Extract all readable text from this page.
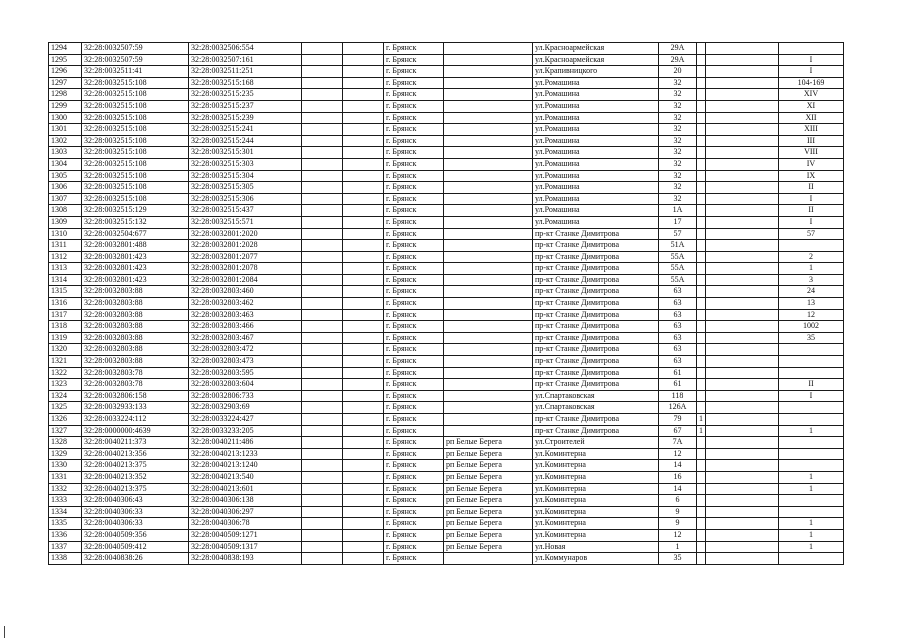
1294	32:28:0032507:59	32:28:0032506:554			г. Брянск		ул.Красноармейская	29А			
1295	32:28:0032507:59	32:28:0032507:161			г. Брянск		ул.Красноармейская	29А			I
1296	32:28:0032511:41	32:28:0032511:251			г. Брянск		ул.Крапивницкого	20			I
1297	32:28:0032515:108	32:28:0032515:168			г. Брянск		ул.Ромашина	32			104-169
1298	32:28:0032515:108	32:28:0032515:235			г. Брянск		ул.Ромашина	32			XIV
1299	32:28:0032515:108	32:28:0032515:237			г. Брянск		ул.Ромашина	32			XI
1300	32:28:0032515:108	32:28:0032515:239			г. Брянск		ул.Ромашина	32			XII
1301	32:28:0032515:108	32:28:0032515:241			г. Брянск		ул.Ромашина	32			XIII
1302	32:28:0032515:108	32:28:0032515:244			г. Брянск		ул.Ромашина	32			III
1303	32:28:0032515:108	32:28:0032515:301			г. Брянск		ул.Ромашина	32			VIII
1304	32:28:0032515:108	32:28:0032515:303			г. Брянск		ул.Ромашина	32			IV
1305	32:28:0032515:108	32:28:0032515:304			г. Брянск		ул.Ромашина	32			IX
1306	32:28:0032515:108	32:28:0032515:305			г. Брянск		ул.Ромашина	32			II
1307	32:28:0032515:108	32:28:0032515:306			г. Брянск		ул.Ромашина	32			I
1308	32:28:0032515:129	32:28:0032515:437			г. Брянск		ул.Ромашина	1А			II
1309	32:28:0032515:132	32:28:0032515:571			г. Брянск		ул.Ромашина	17			I
1310	32:28:0032504:677	32:28:0032801:2020			г. Брянск		пр-кт Станке Димитрова	57			57
1311	32:28:0032801:488	32:28:0032801:2028			г. Брянск		пр-кт Станке Димитрова	51А			
1312	32:28:0032801:423	32:28:0032801:2077			г. Брянск		пр-кт Станке Димитрова	55А			2
1313	32:28:0032801:423	32:28:0032801:2078			г. Брянск		пр-кт Станке Димитрова	55А			1
1314	32:28:0032801:423	32:28:0032801:2084			г. Брянск		пр-кт Станке Димитрова	55А			3
1315	32:28:0032803:88	32:28:0032803:460			г. Брянск		пр-кт Станке Димитрова	63			24
1316	32:28:0032803:88	32:28:0032803:462			г. Брянск		пр-кт Станке Димитрова	63			13
1317	32:28:0032803:88	32:28:0032803:463			г. Брянск		пр-кт Станке Димитрова	63			12
1318	32:28:0032803:88	32:28:0032803:466			г. Брянск		пр-кт Станке Димитрова	63			1002
1319	32:28:0032803:88	32:28:0032803:467			г. Брянск		пр-кт Станке Димитрова	63			35
1320	32:28:0032803:88	32:28:0032803:472			г. Брянск		пр-кт Станке Димитрова	63			
1321	32:28:0032803:88	32:28:0032803:473			г. Брянск		пр-кт Станке Димитрова	63			
1322	32:28:0032803:78	32:28:0032803:595			г. Брянск		пр-кт Станке Димитрова	61			
1323	32:28:0032803:78	32:28:0032803:604			г. Брянск		пр-кт Станке Димитрова	61			II
1324	32:28:0032806:158	32:28:0032806:733			г. Брянск		ул.Спартаковская	118			I
1325	32:28:0032933:133	32:28:0032903:69			г. Брянск		ул.Спартаковская	126А			
1326	32:28:0033224:112	32:28:0033224:427			г. Брянск		пр-кт Станке Димитрова	79	1		
1327	32:28:0000000:4639	32:28:0033233:205			г. Брянск		пр-кт Станке Димитрова	67	1		1
1328	32:28:0040211:373	32:28:0040211:486			г. Брянск	рп Белые Берега	ул.Строителей	7А			
1329	32:28:0040213:356	32:28:0040213:1233			г. Брянск	рп Белые Берега	ул.Коминтерна	12			
1330	32:28:0040213:375	32:28:0040213:1240			г. Брянск	рп Белые Берега	ул.Коминтерна	14			
1331	32:28:0040213:352	32:28:0040213:540			г. Брянск	рп Белые Берега	ул.Коминтерна	16			1
1332	32:28:0040213:375	32:28:0040213:601			г. Брянск	рп Белые Берега	ул.Коминтерна	14			1
1333	32:28:0040306:43	32:28:0040306:138			г. Брянск	рп Белые Берега	ул.Коминтерна	6			
1334	32:28:0040306:33	32:28:0040306:297			г. Брянск	рп Белые Берега	ул.Коминтерна	9			
1335	32:28:0040306:33	32:28:0040306:78			г. Брянск	рп Белые Берега	ул.Коминтерна	9			1
1336	32:28:0040509:356	32:28:0040509:1271			г. Брянск	рп Белые Берега	ул.Коминтерна	12			1
1337	32:28:0040509:412	32:28:0040509:1317			г. Брянск	рп Белые Берега	ул.Новая	1			1
1338	32:28:0040838:26	32:28:0040838:193			г. Брянск		ул.Коммунаров	35			
